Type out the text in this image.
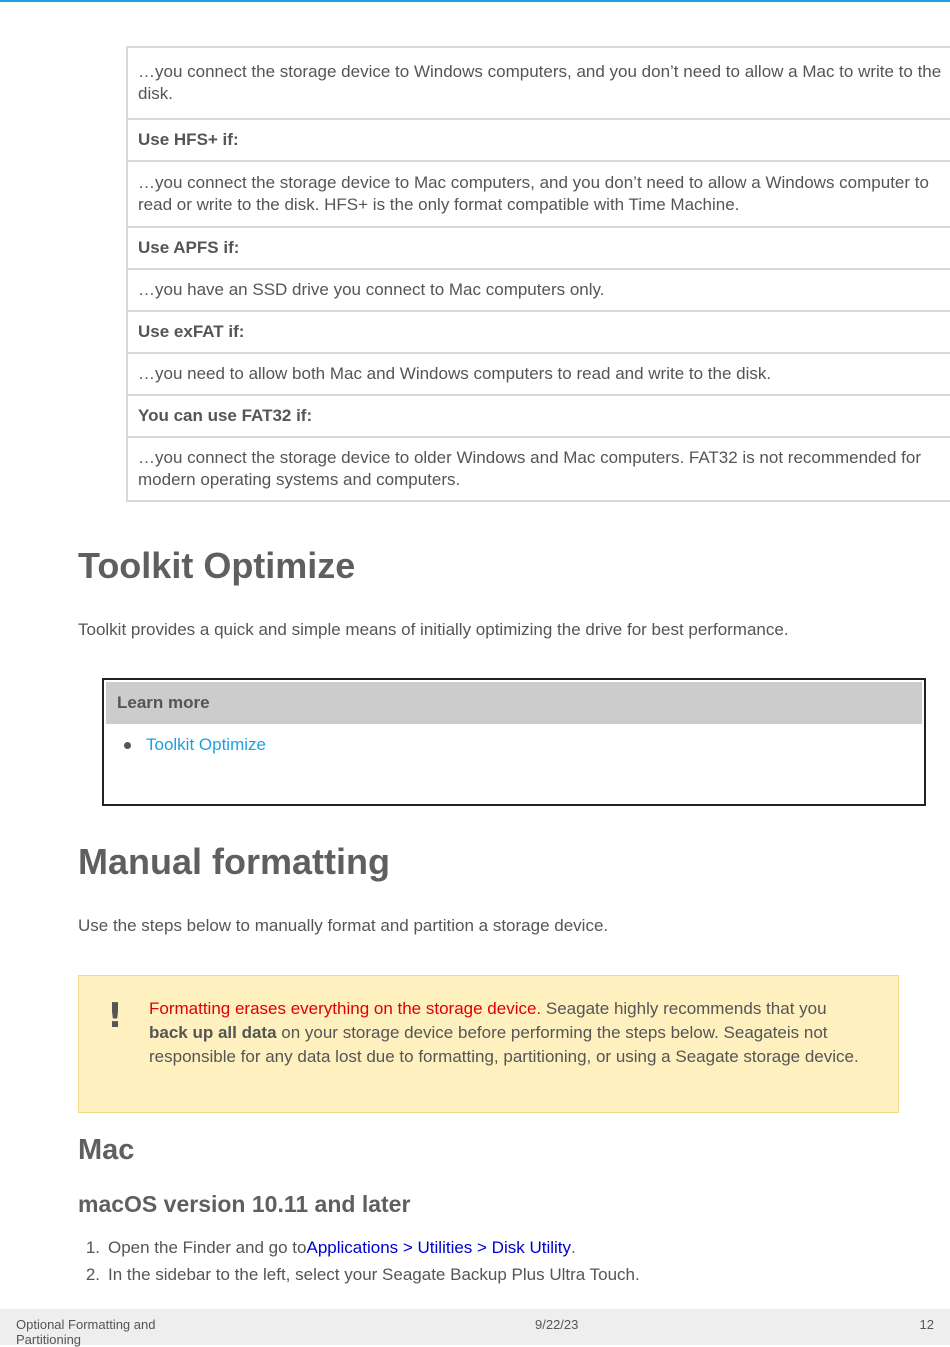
…you connect the storage device to Windows computers, and you don’t need to allow a Mac to write to the disk.
Use HFS+ if:
…you connect the storage device to Mac computers, and you don’t need to allow a Windows computer to read or write to the disk. HFS+ is the only format compatible with Time Machine.
Use APFS if:
…you have an SSD drive you connect to Mac computers only.
Use exFAT if:
…you need to allow both Mac and Windows computers to read and write to the disk.
You can use FAT32 if:
…you connect the storage device to older Windows and Mac computers. FAT32 is not recommended for modern operating systems and computers.
Toolkit Optimize

Toolkit provides a quick and simple means of initially optimizing the drive for best performance.

Learn more
Toolkit Optimize
Manual formatting

Use the steps below to manually format and partition a storage device.

! Formatting erases everything on the storage device. Seagate highly recommends that you back up all data on your storage device before performing the steps below. Seagateis not responsible for any data lost due to formatting, partitioning, or using a Seagate storage device.

Mac
macOS version 10.11 and later
1. Open the Finder and go toApplications > Utilities > Disk Utility.
2. In the sidebar to the left, select your Seagate Backup Plus Ultra Touch.
Optional Formatting and Partitioning
9/22/23	12
